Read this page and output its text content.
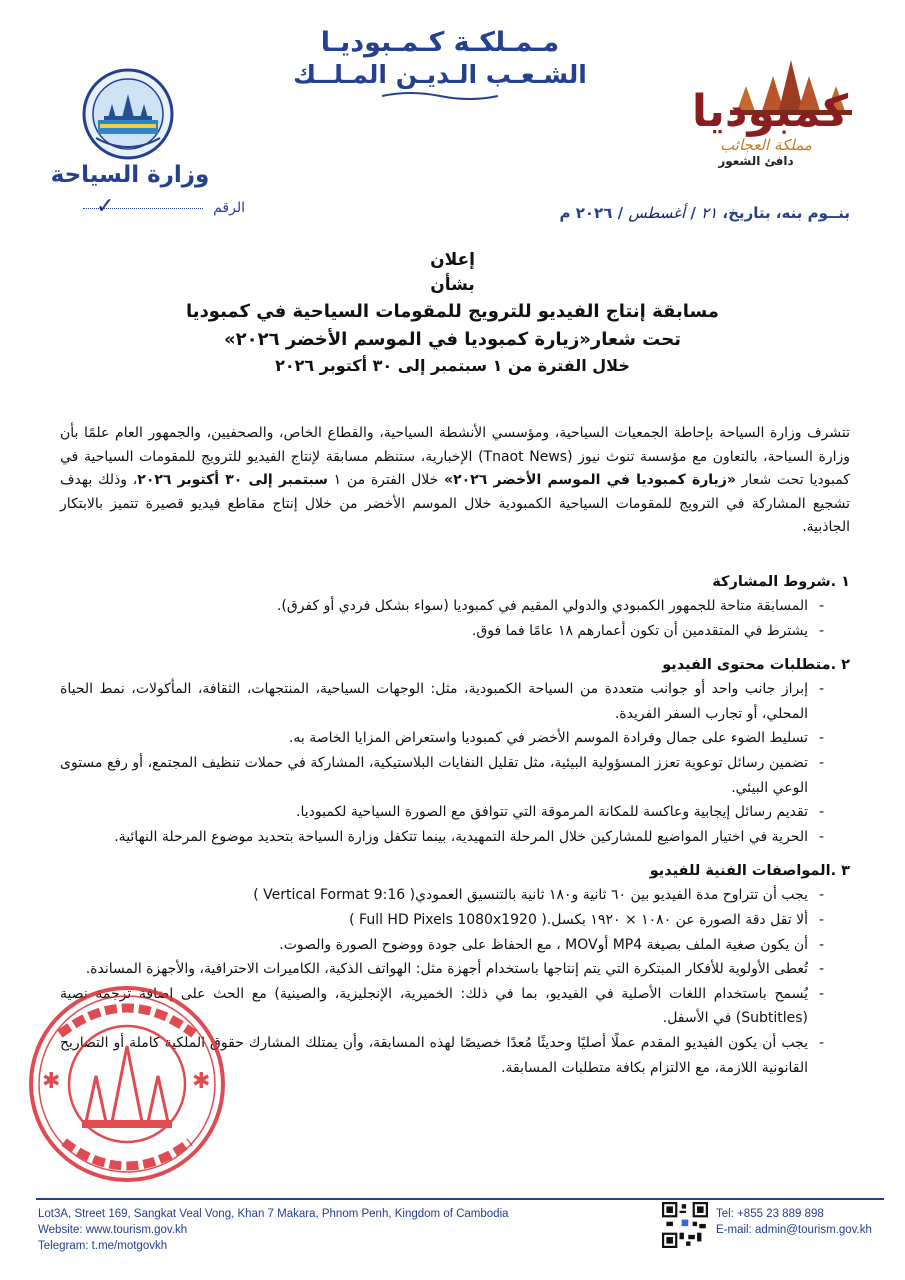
مـمـلكـة كـمـبوديـا
الشـعـب الـديـن المـلــك
وزارة السياحة
الرقم
✓
كمبوديا
مملكة العجائب
دافئ الشعور
بنــوم بنه، بتاريخ، ٢١ / أغسطس / ٢٠٢٦ م
إعلان
بشأن
مسابقة إنتاج الفيديو للترويج للمقومات السياحية في كمبوديا
تحت شعار«زيارة كمبوديا في الموسم الأخضر ٢٠٢٦»
خلال الفترة من ١ سبتمبر إلى ٣٠ أكتوبر ٢٠٢٦
تتشرف وزارة السياحة بإحاطة الجمعيات السياحية، ومؤسسي الأنشطة السياحية، والقطاع الخاص، والصحفيين، والجمهور العام علمًا بأن وزارة السياحة، بالتعاون مع مؤسسة تنوث نيوز (Tnaot News) الإخبارية، ستنظم مسابقة لإنتاج الفيديو للترويج للمقومات السياحية في كمبوديا تحت شعار «زيارة كمبوديا في الموسم الأخضر ٢٠٢٦» خلال الفترة من ١ سبتمبر إلى ٣٠ أكتوبر ٢٠٢٦، وذلك بهدف تشجيع المشاركة في الترويج للمقومات السياحية الكمبودية خلال الموسم الأخضر من خلال إنتاج مقاطع فيديو قصيرة تتميز بالابتكار الجاذبية.
١ .شروط المشاركة
- المسابقة متاحة للجمهور الكمبودي والدولي المقيم في كمبوديا (سواء بشكل فردي أو كفرق).
- يشترط في المتقدمين أن تكون أعمارهم ١٨ عامًا فما فوق.
٢ .متطلبات محتوى الفيديو
- إبراز جانب واحد أو جوانب متعددة من السياحة الكمبودية، مثل: الوجهات السياحية، المنتجهات، الثقافة، المأكولات، نمط الحياة المحلي، أو تجارب السفر الفريدة.
- تسليط الضوء على جمال وفرادة الموسم الأخضر في كمبوديا واستعراض المزايا الخاصة به.
- تضمين رسائل توعوية تعزز المسؤولية البيئية، مثل تقليل النفايات البلاستيكية، المشاركة في حملات تنظيف المجتمع، أو رفع مستوى الوعي البيئي.
- تقديم رسائل إيجابية وعاكسة للمكانة المرموقة التي تتوافق مع الصورة السياحية لكمبوديا.
- الحرية في اختيار المواضيع للمشاركين خلال المرحلة التمهيدية، بينما تتكفل وزارة السياحة بتحديد موضوع المرحلة النهائية.
٣ .المواصفات الفنية للفيديو
- يجب أن تتراوح مدة الفيديو بين ٦٠ ثانية و١٨٠ ثانية بالتنسيق العمودي( Vertical Format 9:16 )
- ألا تقل دقة الصورة عن ١٠٨٠ × ١٩٢٠ بكسل.( Full HD Pixels 1080x1920 )
- أن يكون صغية الملف بصيغة MP4 أوMOV ، مع الحفاظ على جودة ووضوح الصورة والصوت.
- تُعطى الأولوية للأفكار المبتكرة التي يتم إنتاجها باستخدام أجهزة مثل: الهواتف الذكية، الكاميرات الاحترافية، والأجهزة المساندة.
- يُسمح باستخدام اللغات الأصلية في الفيديو، بما في ذلك: الخميرية، الإنجليزية، والصينية) مع الحث على إضافة ترجمة نصية (Subtitles) في الأسفل.
- يجب أن يكون الفيديو المقدم عملًا أصليًا وحديثًا مُعدًا خصيصًا لهذه المسابقة، وأن يمتلك المشارك حقوق الملكية كاملة أو التصاريح القانونية اللازمة، مع الالتزام بكافة متطلبات المسابقة.
✱	✱
Lot3A, Street 169, Sangkat Veal Vong, Khan 7 Makara, Phnom Penh, Kingdom of Cambodia
Website: www.tourism.gov.kh
Telegram: t.me/motgovkh
Tel: +855 23 889 898
E-mail: admin@tourism.gov.kh
